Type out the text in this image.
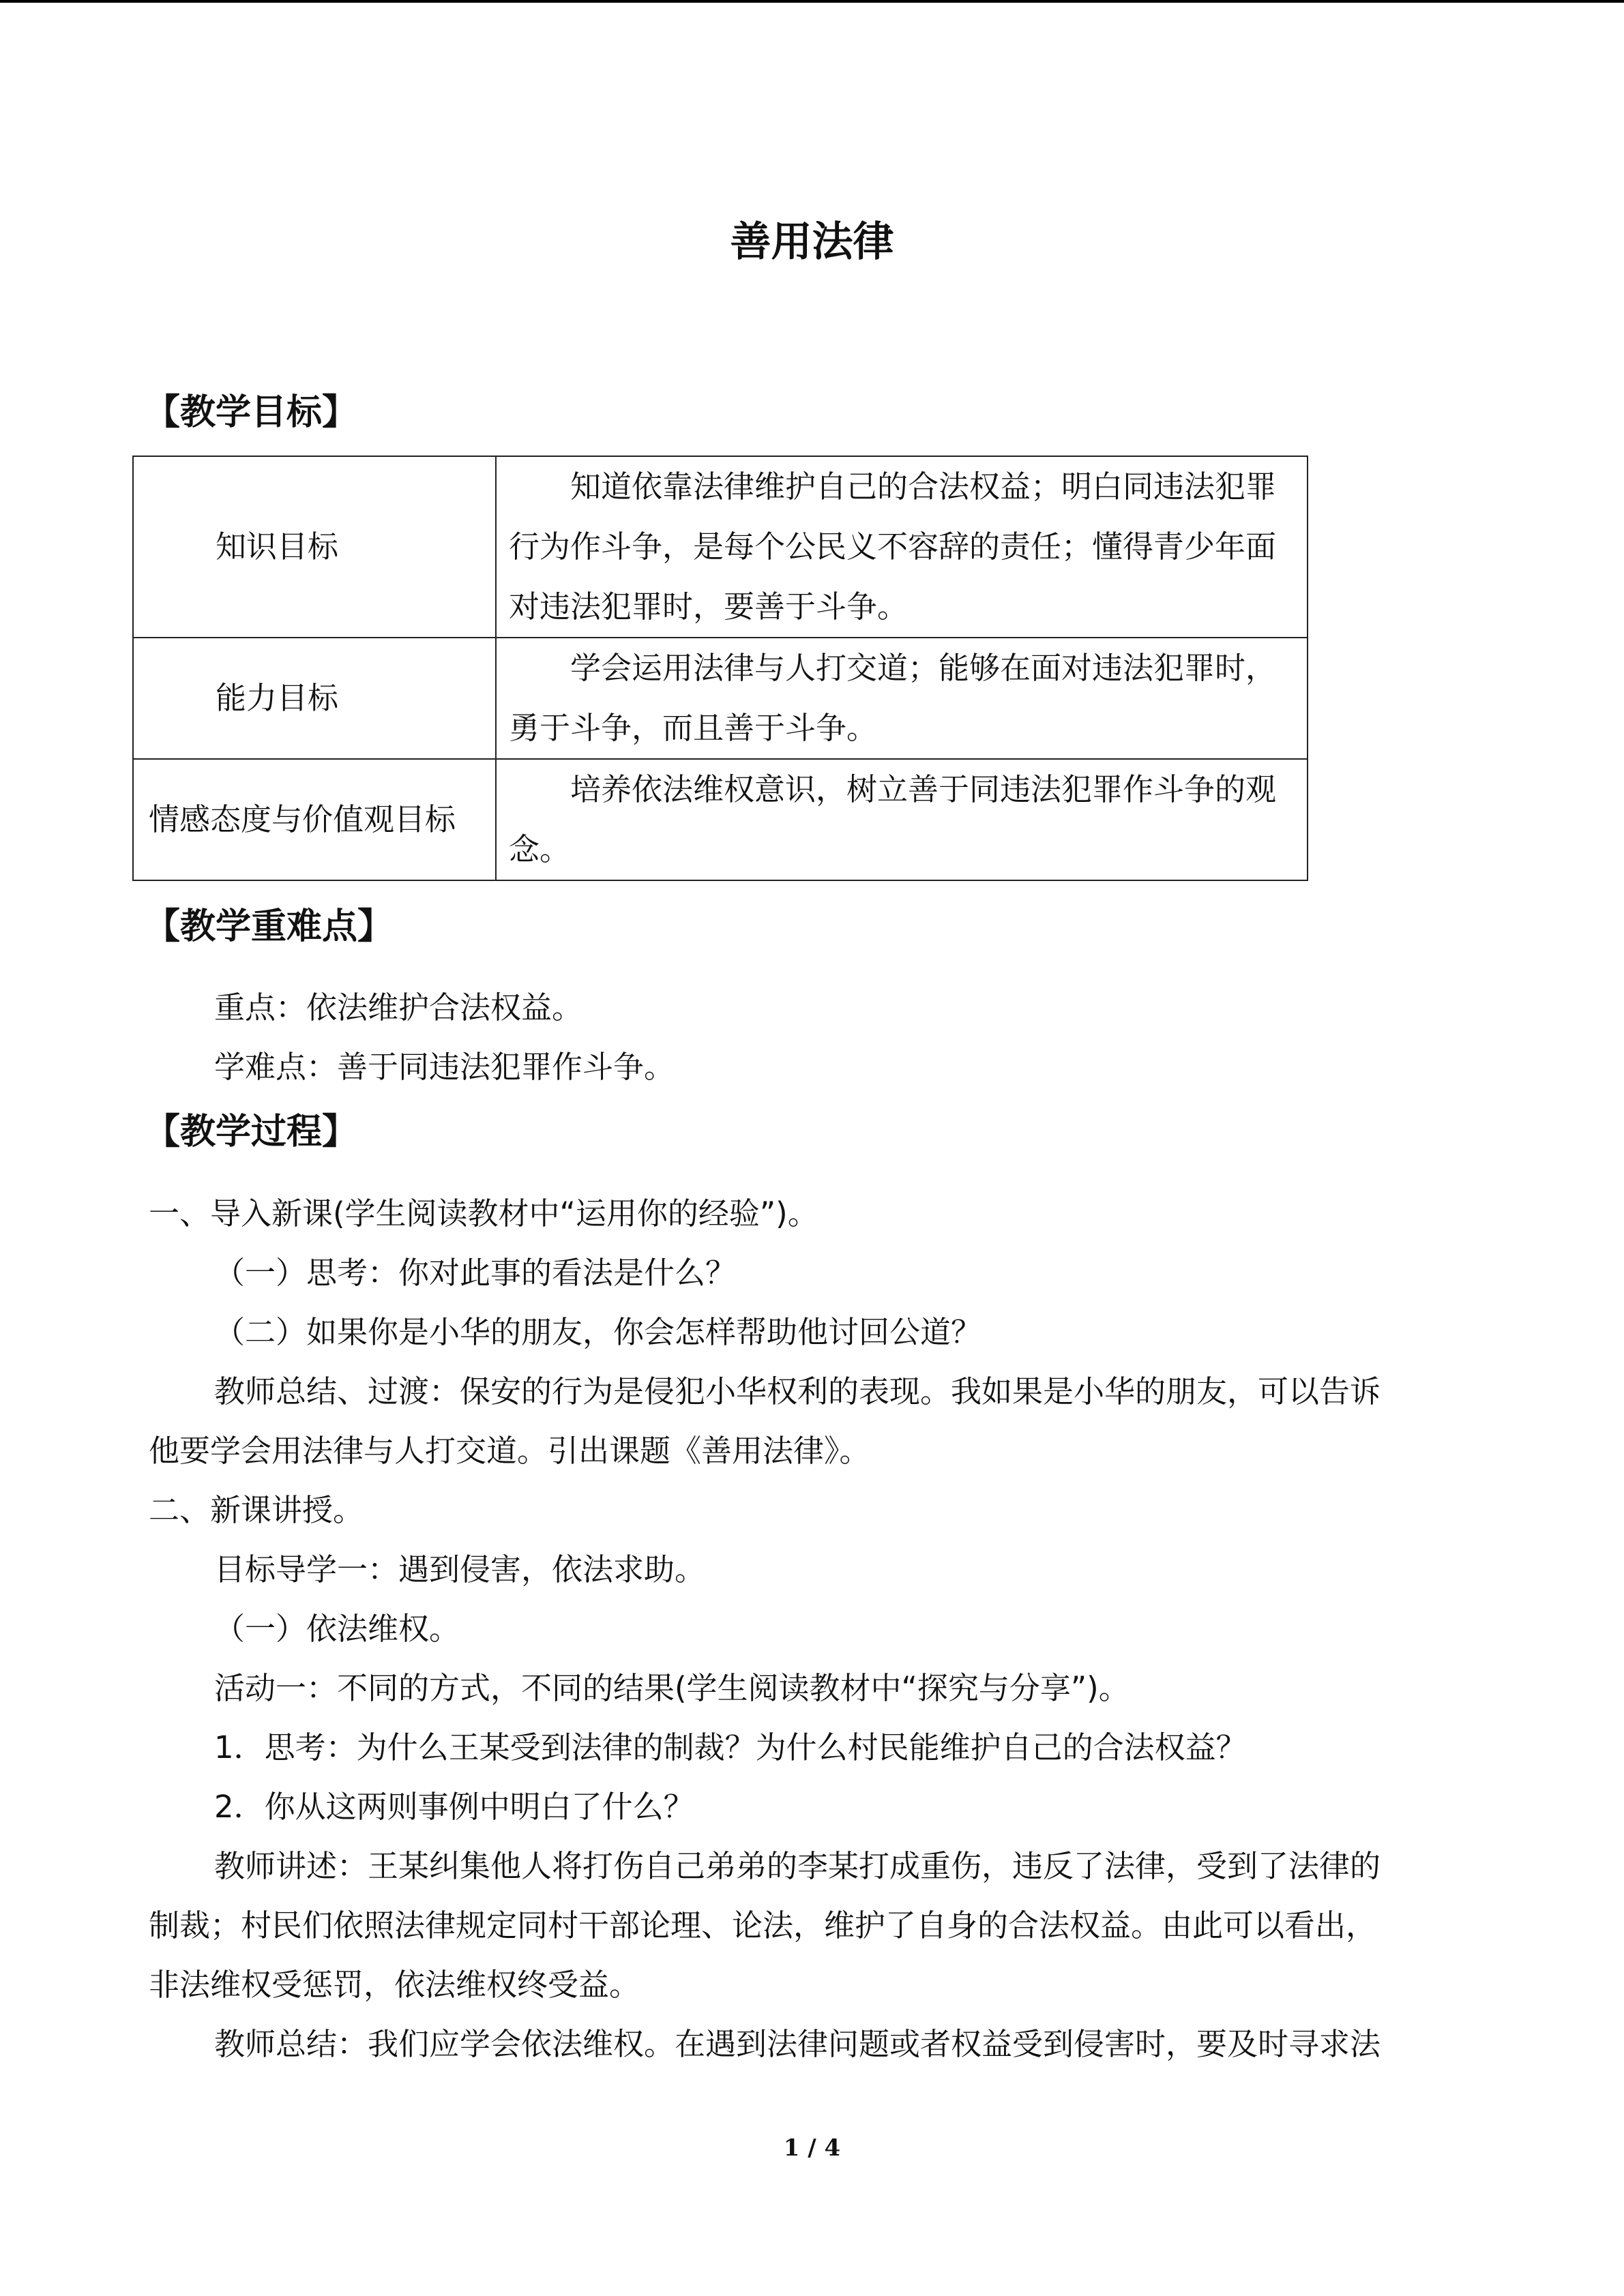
善用法律
【教学目标】
知识目标	知道依靠法律维护自己的合法权益；明白同违法犯罪行为作斗争，是每个公民义不容辞的责任；懂得青少年面对违法犯罪时，要善于斗争。

能力目标	学会运用法律与人打交道；能够在面对违法犯罪时，勇于斗争，而且善于斗争。

情感态度与价值观目标	培养依法维权意识，树立善于同违法犯罪作斗争的观念。
【教学重难点】
重点：依法维护合法权益。
学难点：善于同违法犯罪作斗争。
【教学过程】
一、导入新课(学生阅读教材中“运用你的经验”)。
（一）思考：你对此事的看法是什么？
（二）如果你是小华的朋友，你会怎样帮助他讨回公道？
教师总结、过渡：保安的行为是侵犯小华权利的表现。我如果是小华的朋友，可以告诉
他要学会用法律与人打交道。引出课题《善用法律》。
二、新课讲授。
目标导学一：遇到侵害，依法求助。
（一）依法维权。
活动一：不同的方式，不同的结果(学生阅读教材中“探究与分享”)。
1．思考：为什么王某受到法律的制裁？为什么村民能维护自己的合法权益？
2．你从这两则事例中明白了什么？
教师讲述：王某纠集他人将打伤自己弟弟的李某打成重伤，违反了法律，受到了法律的
制裁；村民们依照法律规定同村干部论理、论法，维护了自身的合法权益。由此可以看出，
非法维权受惩罚，依法维权终受益。
教师总结：我们应学会依法维权。在遇到法律问题或者权益受到侵害时，要及时寻求法
1 / 4
